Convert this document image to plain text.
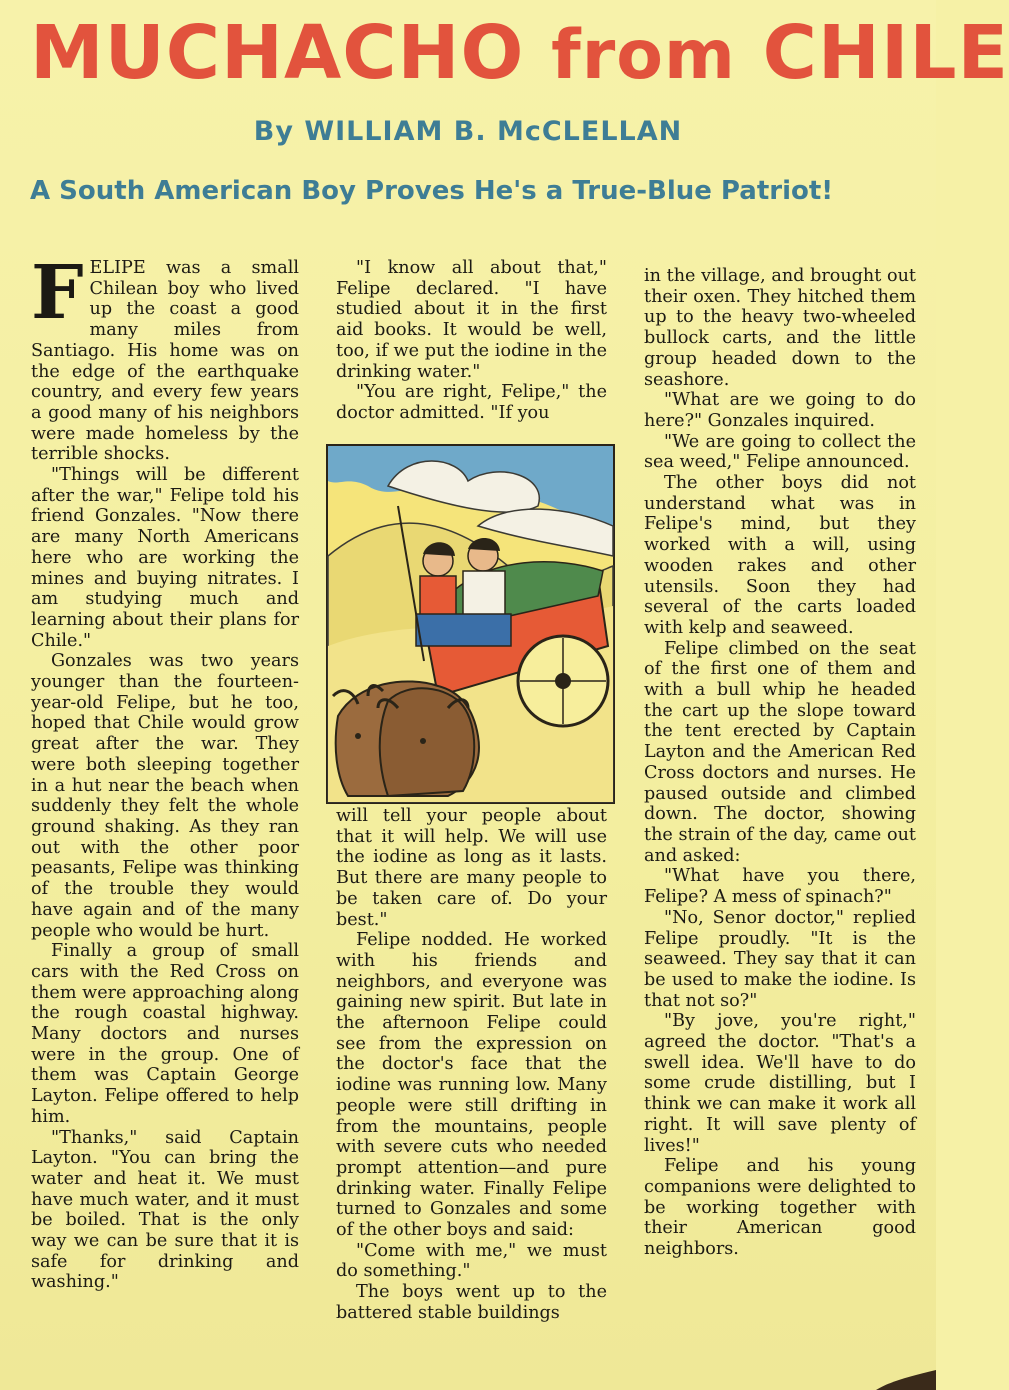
MUCHACHO from CHILE
By WILLIAM B. McCLELLAN
A South American Boy Proves He's a True-Blue Patriot!

FELIPE was a small Chilean boy who lived up the coast a good many miles from Santiago. His home was on the edge of the earthquake country, and every few years a good many of his neighbors were made homeless by the terrible shocks.

"Things will be different after the war," Felipe told his friend Gonzales. "Now there are many North Americans here who are working the mines and buying nitrates. I am studying much and learning about their plans for Chile."

Gonzales was two years younger than the fourteen-year-old Felipe, but he too, hoped that Chile would grow great after the war. They were both sleeping together in a hut near the beach when suddenly they felt the whole ground shaking. As they ran out with the other poor peasants, Felipe was thinking of the trouble they would have again and of the many people who would be hurt.

Finally a group of small cars with the Red Cross on them were approaching along the rough coastal highway. Many doctors and nurses were in the group. One of them was Captain George Layton. Felipe offered to help him.

"Thanks," said Captain Layton. "You can bring the water and heat it. We must have much water, and it must be boiled. That is the only way we can be sure that it is safe for drinking and washing."

"I know all about that," Felipe declared. "I have studied about it in the first aid books. It would be well, too, if we put the iodine in the drinking water."

"You are right, Felipe," the doctor admitted. "If you

will tell your people about that it will help. We will use the iodine as long as it lasts. But there are many people to be taken care of. Do your best."

Felipe nodded. He worked with his friends and neighbors, and everyone was gaining new spirit. But late in the afternoon Felipe could see from the expression on the doctor's face that the iodine was running low. Many people were still drifting in from the mountains, people with severe cuts who needed prompt attention—and pure drinking water. Finally Felipe turned to Gonzales and some of the other boys and said:

"Come with me," we must do something."

The boys went up to the battered stable buildings

in the village, and brought out their oxen. They hitched them up to the heavy two-wheeled bullock carts, and the little group headed down to the seashore.

"What are we going to do here?" Gonzales inquired.

"We are going to collect the sea weed," Felipe announced.

The other boys did not understand what was in Felipe's mind, but they worked with a will, using wooden rakes and other utensils. Soon they had several of the carts loaded with kelp and seaweed.

Felipe climbed on the seat of the first one of them and with a bull whip he headed the cart up the slope toward the tent erected by Captain Layton and the American Red Cross doctors and nurses. He paused outside and climbed down. The doctor, showing the strain of the day, came out and asked:

"What have you there, Felipe? A mess of spinach?"

"No, Senor doctor," replied Felipe proudly. "It is the seaweed. They say that it can be used to make the iodine. Is that not so?"

"By jove, you're right," agreed the doctor. "That's a swell idea. We'll have to do some crude distilling, but I think we can make it work all right. It will save plenty of lives!"

Felipe and his young companions were delighted to be working together with their American good neighbors.
